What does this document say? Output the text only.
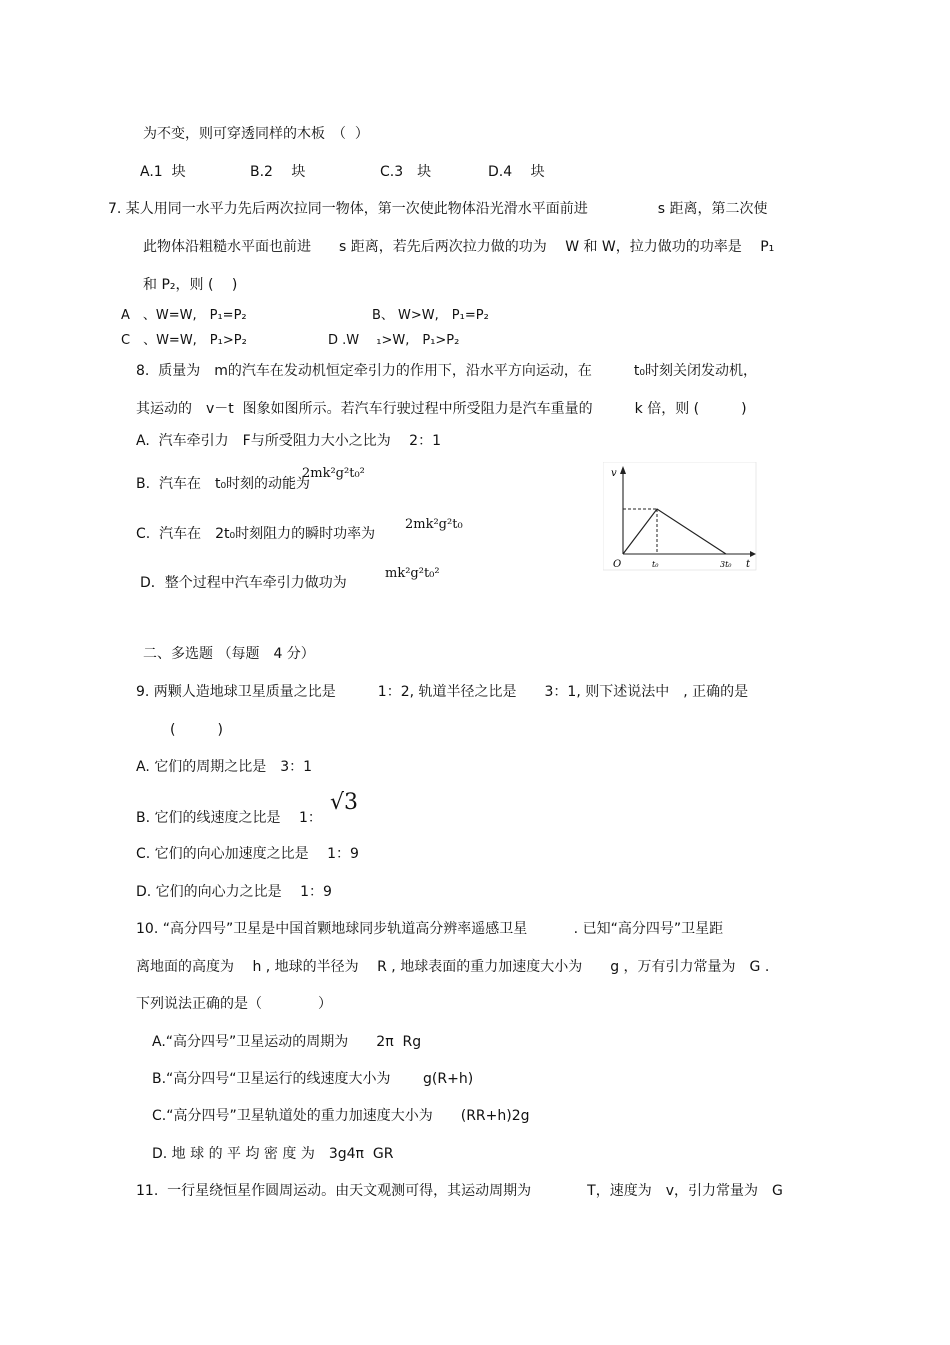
为不变，则可穿透同样的木板　（  ）
A.1  块	B.2　 块	C.3　块	D.4　 块
7. 某人用同一水平力先后两次拉同一物体，第一次使此物体沿光滑水平面前进　　　　　s 距离，第二次使
此物体沿粗糙水平面也前进　　s 距离，若先后两次拉力做的功为　 W 和 W，拉力做功的功率是　 P₁
和 P₂，则 (　 )
A　、W=W,　P₁=P₂	B、 W>W,　P₁=P₂
C　、W=W,　P₁>P₂	D .W　 ₁>W,　P₁>P₂
8.  质量为　m的汽车在发动机恒定牵引力的作用下，沿水平方向运动，在　　　t₀时刻关闭发动机，
其运动的　v－t  图象如图所示。若汽车行驶过程中所受阻力是汽车重量的　　　k 倍，则 (　　　)
A.  汽车牵引力　F与所受阻力大小之比为　 2：1
B.  汽车在　t₀时刻的动能为
2mk²g²t₀²
C.  汽车在　2t₀时刻阻力的瞬时功率为
2mk²g²t₀
D．整个过程中汽车牵引力做功为
mk²g²t₀²
v
t
O	t₀	3t₀
二、多选题 （每题　4 分）
9. 两颗人造地球卫星质量之比是　　　1：2, 轨道半径之比是　　3：1, 则下述说法中　, 正确的是
(　　　)
A. 它们的周期之比是　3：1
B. 它们的线速度之比是　 1：
√3
C. 它们的向心加速度之比是　 1：9
D. 它们的向心力之比是　 1：9
10. “高分四号”卫星是中国首颗地球同步轨道高分辨率遥感卫星　　　 . 已知“高分四号”卫星距
离地面的高度为　 h , 地球的半径为　 R , 地球表面的重力加速度大小为　　g ，万有引力常量为　G .
下列说法正确的是（　　　　）
A.“高分四号”卫星运动的周期为　　2π  Rg
B.“高分四号“卫星运行的线速度大小为　　 g(R+h)
C.“高分四号”卫星轨道处的重力加速度大小为　　(RR+h)2g
D. 地 球 的 平 均 密 度 为　3g4π  GR
11.  一行星绕恒星作圆周运动。由天文观测可得，其运动周期为　　　　T，速度为　v，引力常量为　G
